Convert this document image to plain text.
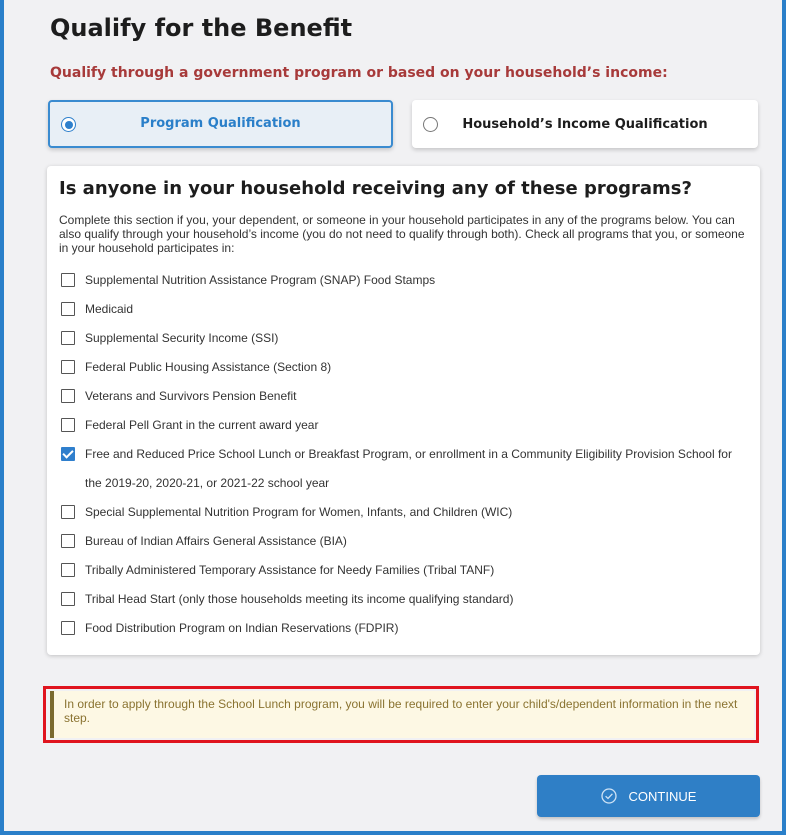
Qualify for the Benefit
Qualify through a government program or based on your household’s income:
Program Qualification	Household’s Income Qualification
Is anyone in your household receiving any of these programs?
Complete this section if you, your dependent, or someone in your household participates in any of the programs below. You can also qualify through your household’s income (you do not need to qualify through both). Check all programs that you, or someone in your household participates in:
Supplemental Nutrition Assistance Program (SNAP) Food Stamps
Medicaid
Supplemental Security Income (SSI)
Federal Public Housing Assistance (Section 8)
Veterans and Survivors Pension Benefit
Federal Pell Grant in the current award year
Free and Reduced Price School Lunch or Breakfast Program, or enrollment in a Community Eligibility Provision School for the 2019-20, 2020-21, or 2021-22 school year
Special Supplemental Nutrition Program for Women, Infants, and Children (WIC)
Bureau of Indian Affairs General Assistance (BIA)
Tribally Administered Temporary Assistance for Needy Families (Tribal TANF)
Tribal Head Start (only those households meeting its income qualifying standard)
Food Distribution Program on Indian Reservations (FDPIR)
In order to apply through the School Lunch program, you will be required to enter your child's/dependent information in the next step.
CONTINUE
